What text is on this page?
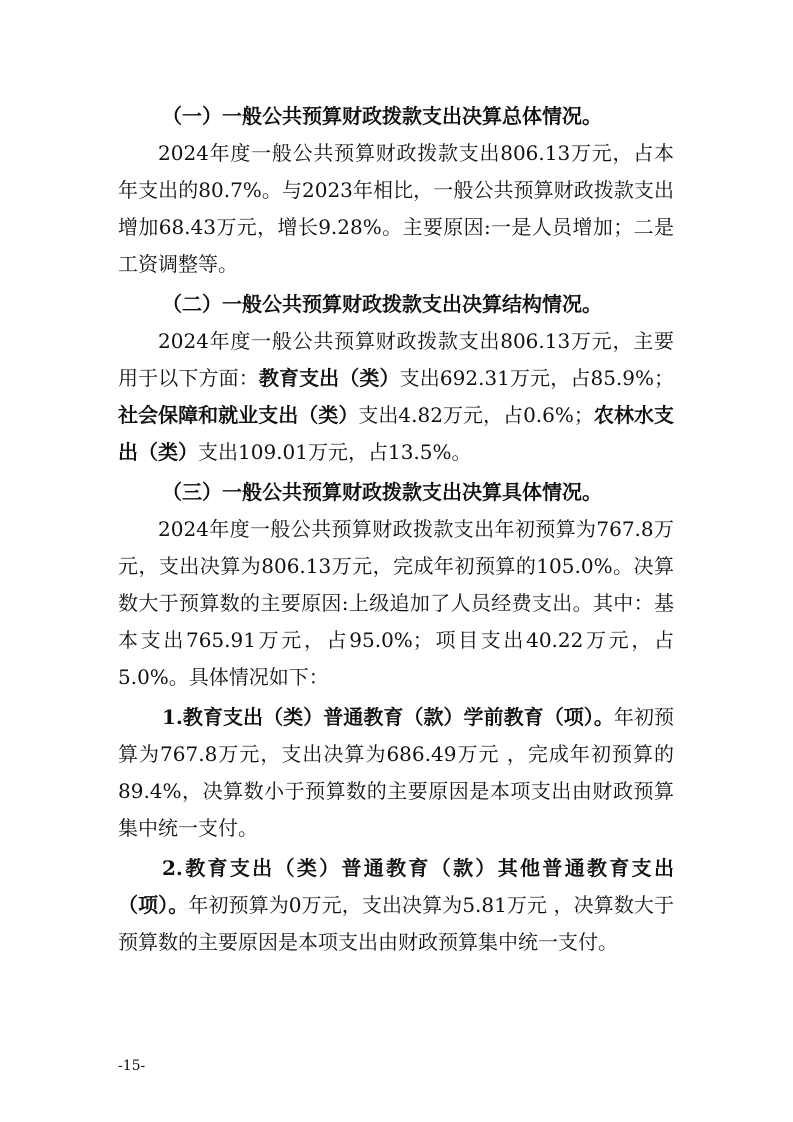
（一）一般公共预算财政拨款支出决算总体情况。

2024年度一般公共预算财政拨款支出806.13万元，占本年支出的80.7%。与2023年相比，一般公共预算财政拨款支出增加68.43万元，增长9.28%。主要原因:一是人员增加；二是工资调整等。

（二）一般公共预算财政拨款支出决算结构情况。

2024年度一般公共预算财政拨款支出806.13万元，主要用于以下方面：教育支出（类）支出692.31万元，占85.9%；社会保障和就业支出（类）支出4.82万元，占0.6%；农林水支出（类）支出109.01万元，占13.5%。

（三）一般公共预算财政拨款支出决算具体情况。

2024年度一般公共预算财政拨款支出年初预算为767.8万元，支出决算为806.13万元，完成年初预算的105.0%。决算数大于预算数的主要原因:上级追加了人员经费支出。其中：基本支出765.91万元，占95.0%；项目支出40.22万元，占5.0%。具体情况如下：

1.教育支出（类）普通教育（款）学前教育（项）。年初预算为767.8万元，支出决算为686.49万元 ，完成年初预算的89.4%，决算数小于预算数的主要原因是本项支出由财政预算集中统一支付。

2.教育支出（类）普通教育（款）其他普通教育支出（项）。年初预算为0万元，支出决算为5.81万元 ，决算数大于预算数的主要原因是本项支出由财政预算集中统一支付。

-15-
